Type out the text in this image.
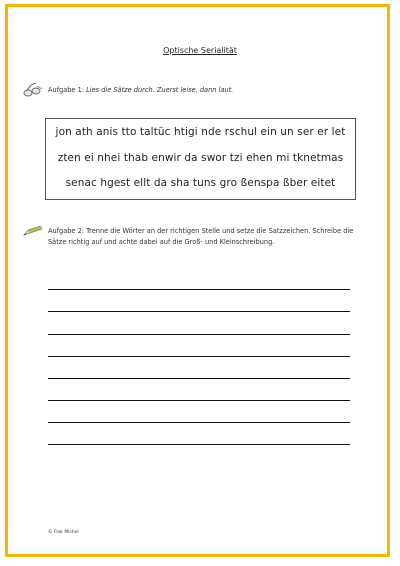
Optische Serialität
Aufgabe 1: Lies die Sätze durch. Zuerst leise, dann laut.
jon ath anis tto taltüc htigi nde rschul ein un ser er let
zten ei nhei thab enwir da swor tzi ehen mi tknetmas
senac hgest ellt da sha tuns gro ßenspa ßber eitet
Aufgabe 2: Trenne die Wörter an der richtigen Stelle und setze die Satzzeichen. Schreibe die Sätze richtig auf und achte dabei auf die Groß- und Kleinschreibung.
© Fink Michel
